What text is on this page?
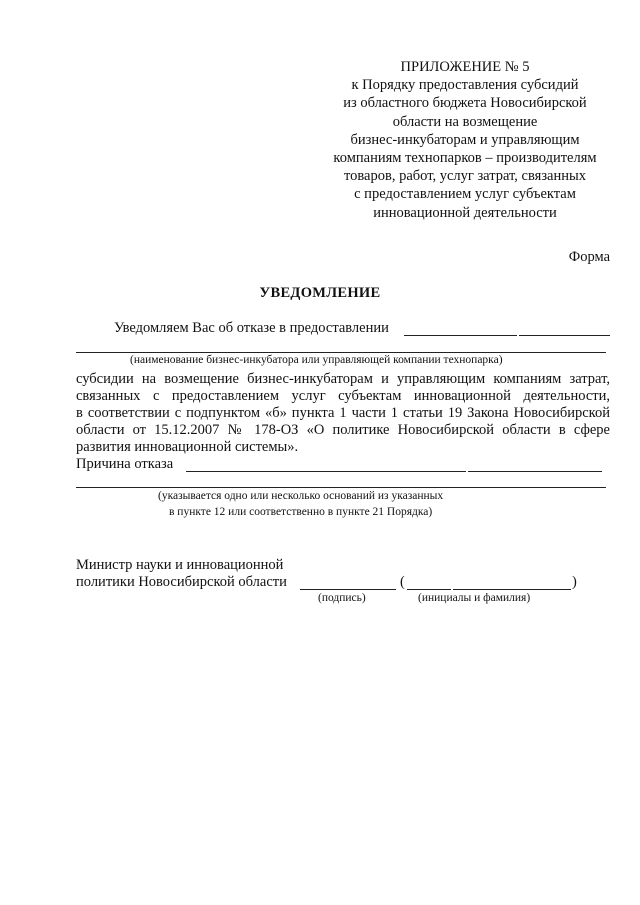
ПРИЛОЖЕНИЕ № 5
к Порядку предоставления субсидий
из областного бюджета Новосибирской
области на возмещение
бизнес-инкубаторам и управляющим
компаниям технопарков – производителям
товаров, работ, услуг затрат, связанных
с предоставлением услуг субъектам
инновационной деятельности
Форма
УВЕДОМЛЕНИЕ
Уведомляем Вас об отказе в предоставлении
(наименование бизнес-инкубатора или управляющей компании технопарка)
субсидии на возмещение бизнес-инкубаторам и управляющим компаниям затрат,
связанных с предоставлением услуг субъектам инновационной деятельности,
в соответствии с подпунктом «б» пункта 1 части 1 статьи 19 Закона Новосибирской
области от 15.12.2007 № 178-ОЗ «О политике Новосибирской области в сфере
развития инновационной системы».
Причина отказа
(указывается одно или несколько оснований из указанных
в пункте 12 или соответственно в пункте 21 Порядка)
Министр науки и инновационной
политики Новосибирской области	(	)
(подпись)	(инициалы и фамилия)
